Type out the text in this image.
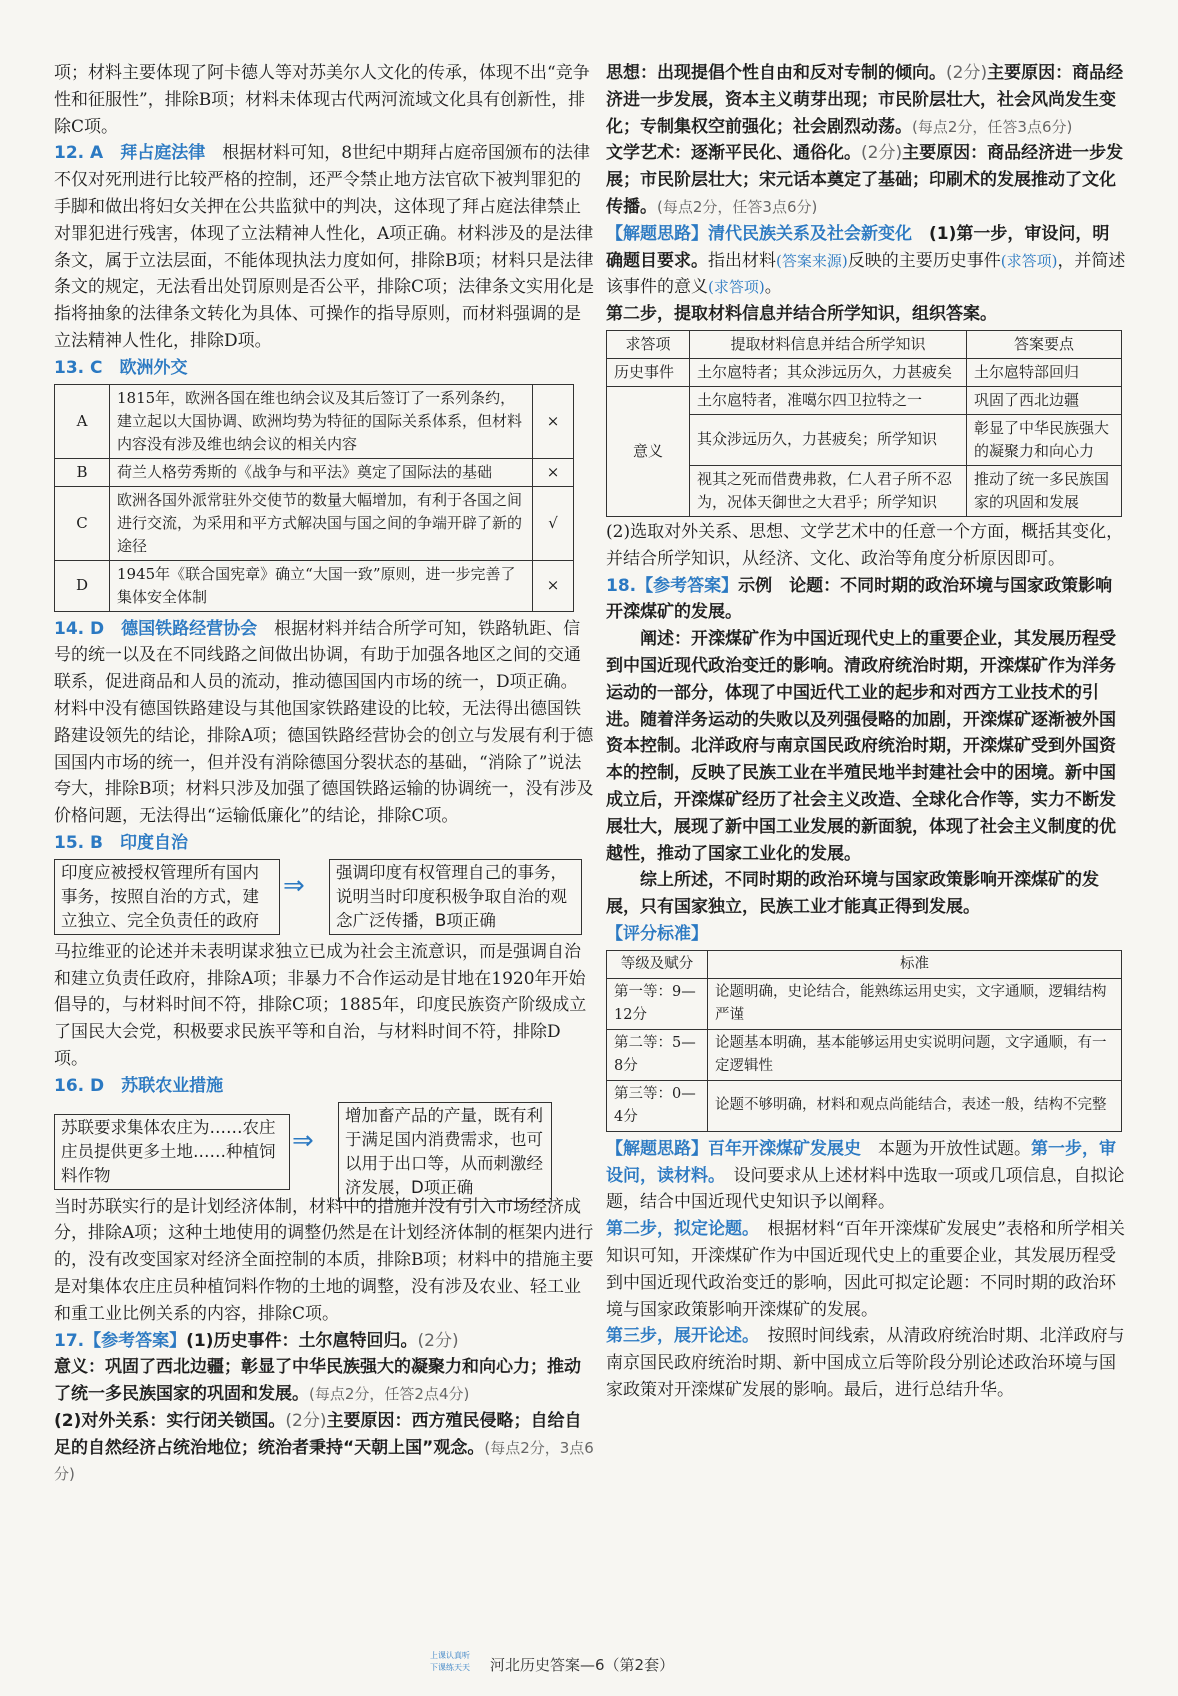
项；材料主要体现了阿卡德人等对苏美尔人文化的传承，体现不出“竞争性和征服性”，排除B项；材料未体现古代两河流域文化具有创新性，排除C项。

12. A　 拜占庭法律　 根据材料可知，8世纪中期拜占庭帝国颁布的法律不仅对死刑进行比较严格的控制，还严令禁止地方法官砍下被判罪犯的手脚和做出将妇女关押在公共监狱中的判决，这体现了拜占庭法律禁止对罪犯进行残害，体现了立法精神人性化，A项正确。材料涉及的是法律条文，属于立法层面，不能体现执法力度如何，排除B项；材料只是法律条文的规定，无法看出处罚原则是否公平，排除C项；法律条文实用化是指将抽象的法律条文转化为具体、可操作的指导原则，而材料强调的是立法精神人性化，排除D项。

13. C　 欧洲外交

A	1815年，欧洲各国在维也纳会议及其后签订了一系列条约，建立起以大国协调、欧洲均势为特征的国际关系体系，但材料内容没有涉及维也纳会议的相关内容	×
B	荷兰人格劳秀斯的《战争与和平法》奠定了国际法的基础	×
C	欧洲各国外派常驻外交使节的数量大幅增加，有利于各国之间进行交流，为采用和平方式解决国与国之间的争端开辟了新的途径	√
D	1945年《联合国宪章》确立“大国一致”原则，进一步完善了集体安全体制	×

14. D　 德国铁路经营协会　 根据材料并结合所学可知，铁路轨距、信号的统一以及在不同线路之间做出协调，有助于加强各地区之间的交通联系，促进商品和人员的流动，推动德国国内市场的统一，D项正确。材料中没有德国铁路建设与其他国家铁路建设的比较，无法得出德国铁路建设领先的结论，排除A项；德国铁路经营协会的创立与发展有利于德国国内市场的统一，但并没有消除德国分裂状态的基础，“消除了”说法夸大，排除B项；材料只涉及加强了德国铁路运输的协调统一，没有涉及价格问题，无法得出“运输低廉化”的结论，排除C项。

15. B　 印度自治

印度应被授权管理所有国内事务，按照自治的方式，建立独立、完全负责任的政府
⇒	强调印度有权管理自己的事务，说明当时印度积极争取自治的观念广泛传播，B项正确

马拉维亚的论述并未表明谋求独立已成为社会主流意识，而是强调自治和建立负责任政府，排除A项；非暴力不合作运动是甘地在1920年开始倡导的，与材料时间不符，排除C项；1885年，印度民族资产阶级成立了国民大会党，积极要求民族平等和自治，与材料时间不符，排除D项。

16. D　 苏联农业措施

苏联要求集体农庄为……农庄庄员提供更多土地……种植饲料作物
⇒
增加畜产品的产量，既有利于满足国内消费需求，也可以用于出口等，从而刺激经济发展，D项正确

当时苏联实行的是计划经济体制，材料中的措施并没有引入市场经济成分，排除A项；这种土地使用的调整仍然是在计划经济体制的框架内进行的，没有改变国家对经济全面控制的本质，排除B项；材料中的措施主要是对集体农庄庄员种植饲料作物的土地的调整，没有涉及农业、轻工业和重工业比例关系的内容，排除C项。

17.【参考答案】(1)历史事件：土尔扈特回归。(2分)

意义：巩固了西北边疆；彰显了中华民族强大的凝聚力和向心力；推动了统一多民族国家的巩固和发展。(每点2分，任答2点4分)

(2)对外关系：实行闭关锁国。(2分)主要原因：西方殖民侵略；自给自足的自然经济占统治地位；统治者秉持“天朝上国”观念。(每点2分，3点6分)

思想：出现提倡个性自由和反对专制的倾向。(2分)主要原因：商品经济进一步发展，资本主义萌芽出现；市民阶层壮大，社会风尚发生变化；专制集权空前强化；社会剧烈动荡。(每点2分，任答3点6分)

文学艺术：逐渐平民化、通俗化。(2分)主要原因：商品经济进一步发展；市民阶层壮大；宋元话本奠定了基础；印刷术的发展推动了文化传播。(每点2分，任答3点6分)

【解题思路】清代民族关系及社会新变化　 (1)第一步，审设问，明确题目要求。指出材料(答案来源)反映的主要历史事件(求答项)，并简述该事件的意义(求答项)。

第二步，提取材料信息并结合所学知识，组织答案。

求答项	提取材料信息并结合所学知识	答案要点
历史事件	土尔扈特者；其众涉远历久，力甚疲矣	土尔扈特部回归
意义	土尔扈特者，准噶尔四卫拉特之一	巩固了西北边疆
	其众涉远历久，力甚疲矣；所学知识	彰显了中华民族强大的凝聚力和向心力
	视其之死而借费弗救，仁人君子所不忍为，况体天御世之大君乎；所学知识	推动了统一多民族国家的巩固和发展

(2)选取对外关系、思想、文学艺术中的任意一个方面，概括其变化，并结合所学知识，从经济、文化、政治等角度分析原因即可。

18.【参考答案】示例　论题：不同时期的政治环境与国家政策影响开滦煤矿的发展。

阐述：开滦煤矿作为中国近现代史上的重要企业，其发展历程受到中国近现代政治变迁的影响。清政府统治时期，开滦煤矿作为洋务运动的一部分，体现了中国近代工业的起步和对西方工业技术的引进。随着洋务运动的失败以及列强侵略的加剧，开滦煤矿逐渐被外国资本控制。北洋政府与南京国民政府统治时期，开滦煤矿受到外国资本的控制，反映了民族工业在半殖民地半封建社会中的困境。新中国成立后，开滦煤矿经历了社会主义改造、全球化合作等，实力不断发展壮大，展现了新中国工业发展的新面貌，体现了社会主义制度的优越性，推动了国家工业化的发展。

综上所述，不同时期的政治环境与国家政策影响开滦煤矿的发展，只有国家独立，民族工业才能真正得到发展。

【评分标准】

等级及赋分	标准
第一等：9—12分	论题明确，史论结合，能熟练运用史实，文字通顺，逻辑结构严谨
第二等：5—8分	论题基本明确，基本能够运用史实说明问题，文字通顺，有一定逻辑性
第三等：0—4分	论题不够明确，材料和观点尚能结合，表述一般，结构不完整

【解题思路】百年开滦煤矿发展史　 本题为开放性试题。第一步，审设问，读材料。　 设问要求从上述材料中选取一项或几项信息，自拟论题，结合中国近现代史知识予以阐释。

第二步，拟定论题。　 根据材料“百年开滦煤矿发展史”表格和所学相关知识可知，开滦煤矿作为中国近现代史上的重要企业，其发展历程受到中国近现代政治变迁的影响，因此可拟定论题：不同时期的政治环境与国家政策影响开滦煤矿的发展。

第三步，展开论述。　 按照时间线索，从清政府统治时期、北洋政府与南京国民政府统治时期、新中国成立后等阶段分别论述政治环境与国家政策对开滦煤矿发展的影响。最后，进行总结升华。

上课认真听 下课练天天	河北历史答案—6（第2套）
